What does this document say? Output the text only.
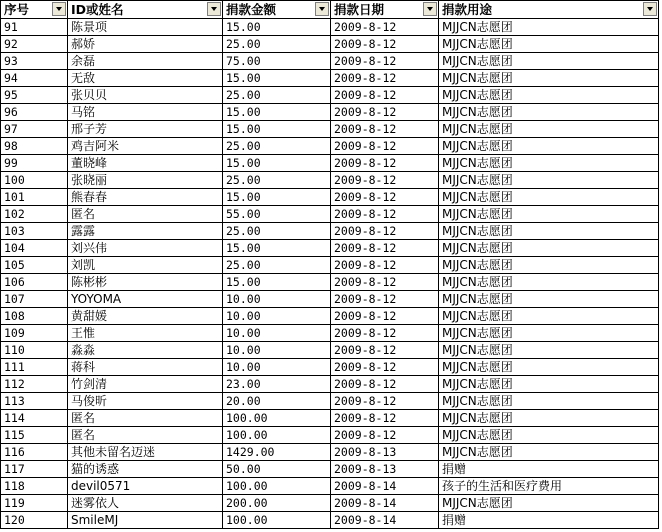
序号	ID或姓名	捐款金额	捐款日期	捐款用途

91	陈景项	15.00	2009-8-12	MJJCN志愿团
92	郝娇	25.00	2009-8-12	MJJCN志愿团
93	余磊	75.00	2009-8-12	MJJCN志愿团
94	无敌	15.00	2009-8-12	MJJCN志愿团
95	张贝贝	25.00	2009-8-12	MJJCN志愿团
96	马铭	15.00	2009-8-12	MJJCN志愿团
97	邢子芳	15.00	2009-8-12	MJJCN志愿团
98	鸡吉阿米	25.00	2009-8-12	MJJCN志愿团
99	董晓峰	15.00	2009-8-12	MJJCN志愿团
100	张晓丽	25.00	2009-8-12	MJJCN志愿团
101	熊春春	15.00	2009-8-12	MJJCN志愿团
102	匿名	55.00	2009-8-12	MJJCN志愿团
103	露露	25.00	2009-8-12	MJJCN志愿团
104	刘兴伟	15.00	2009-8-12	MJJCN志愿团
105	刘凯	25.00	2009-8-12	MJJCN志愿团
106	陈彬彬	15.00	2009-8-12	MJJCN志愿团
107	YOYOMA	10.00	2009-8-12	MJJCN志愿团
108	黄甜媛	10.00	2009-8-12	MJJCN志愿团
109	王惟	10.00	2009-8-12	MJJCN志愿团
110	淼淼	10.00	2009-8-12	MJJCN志愿团
111	蒋科	10.00	2009-8-12	MJJCN志愿团
112	竹剑清	23.00	2009-8-12	MJJCN志愿团
113	马俊昕	20.00	2009-8-12	MJJCN志愿团
114	匿名	100.00	2009-8-12	MJJCN志愿团
115	匿名	100.00	2009-8-12	MJJCN志愿团
116	其他未留名迈迷	1429.00	2009-8-13	MJJCN志愿团
117	猫的诱惑	50.00	2009-8-13	捐赠
118	devil0571	100.00	2009-8-14	孩子的生活和医疗费用
119	迷雾依人	200.00	2009-8-14	MJJCN志愿团
120	SmileMJ	100.00	2009-8-14	捐赠
